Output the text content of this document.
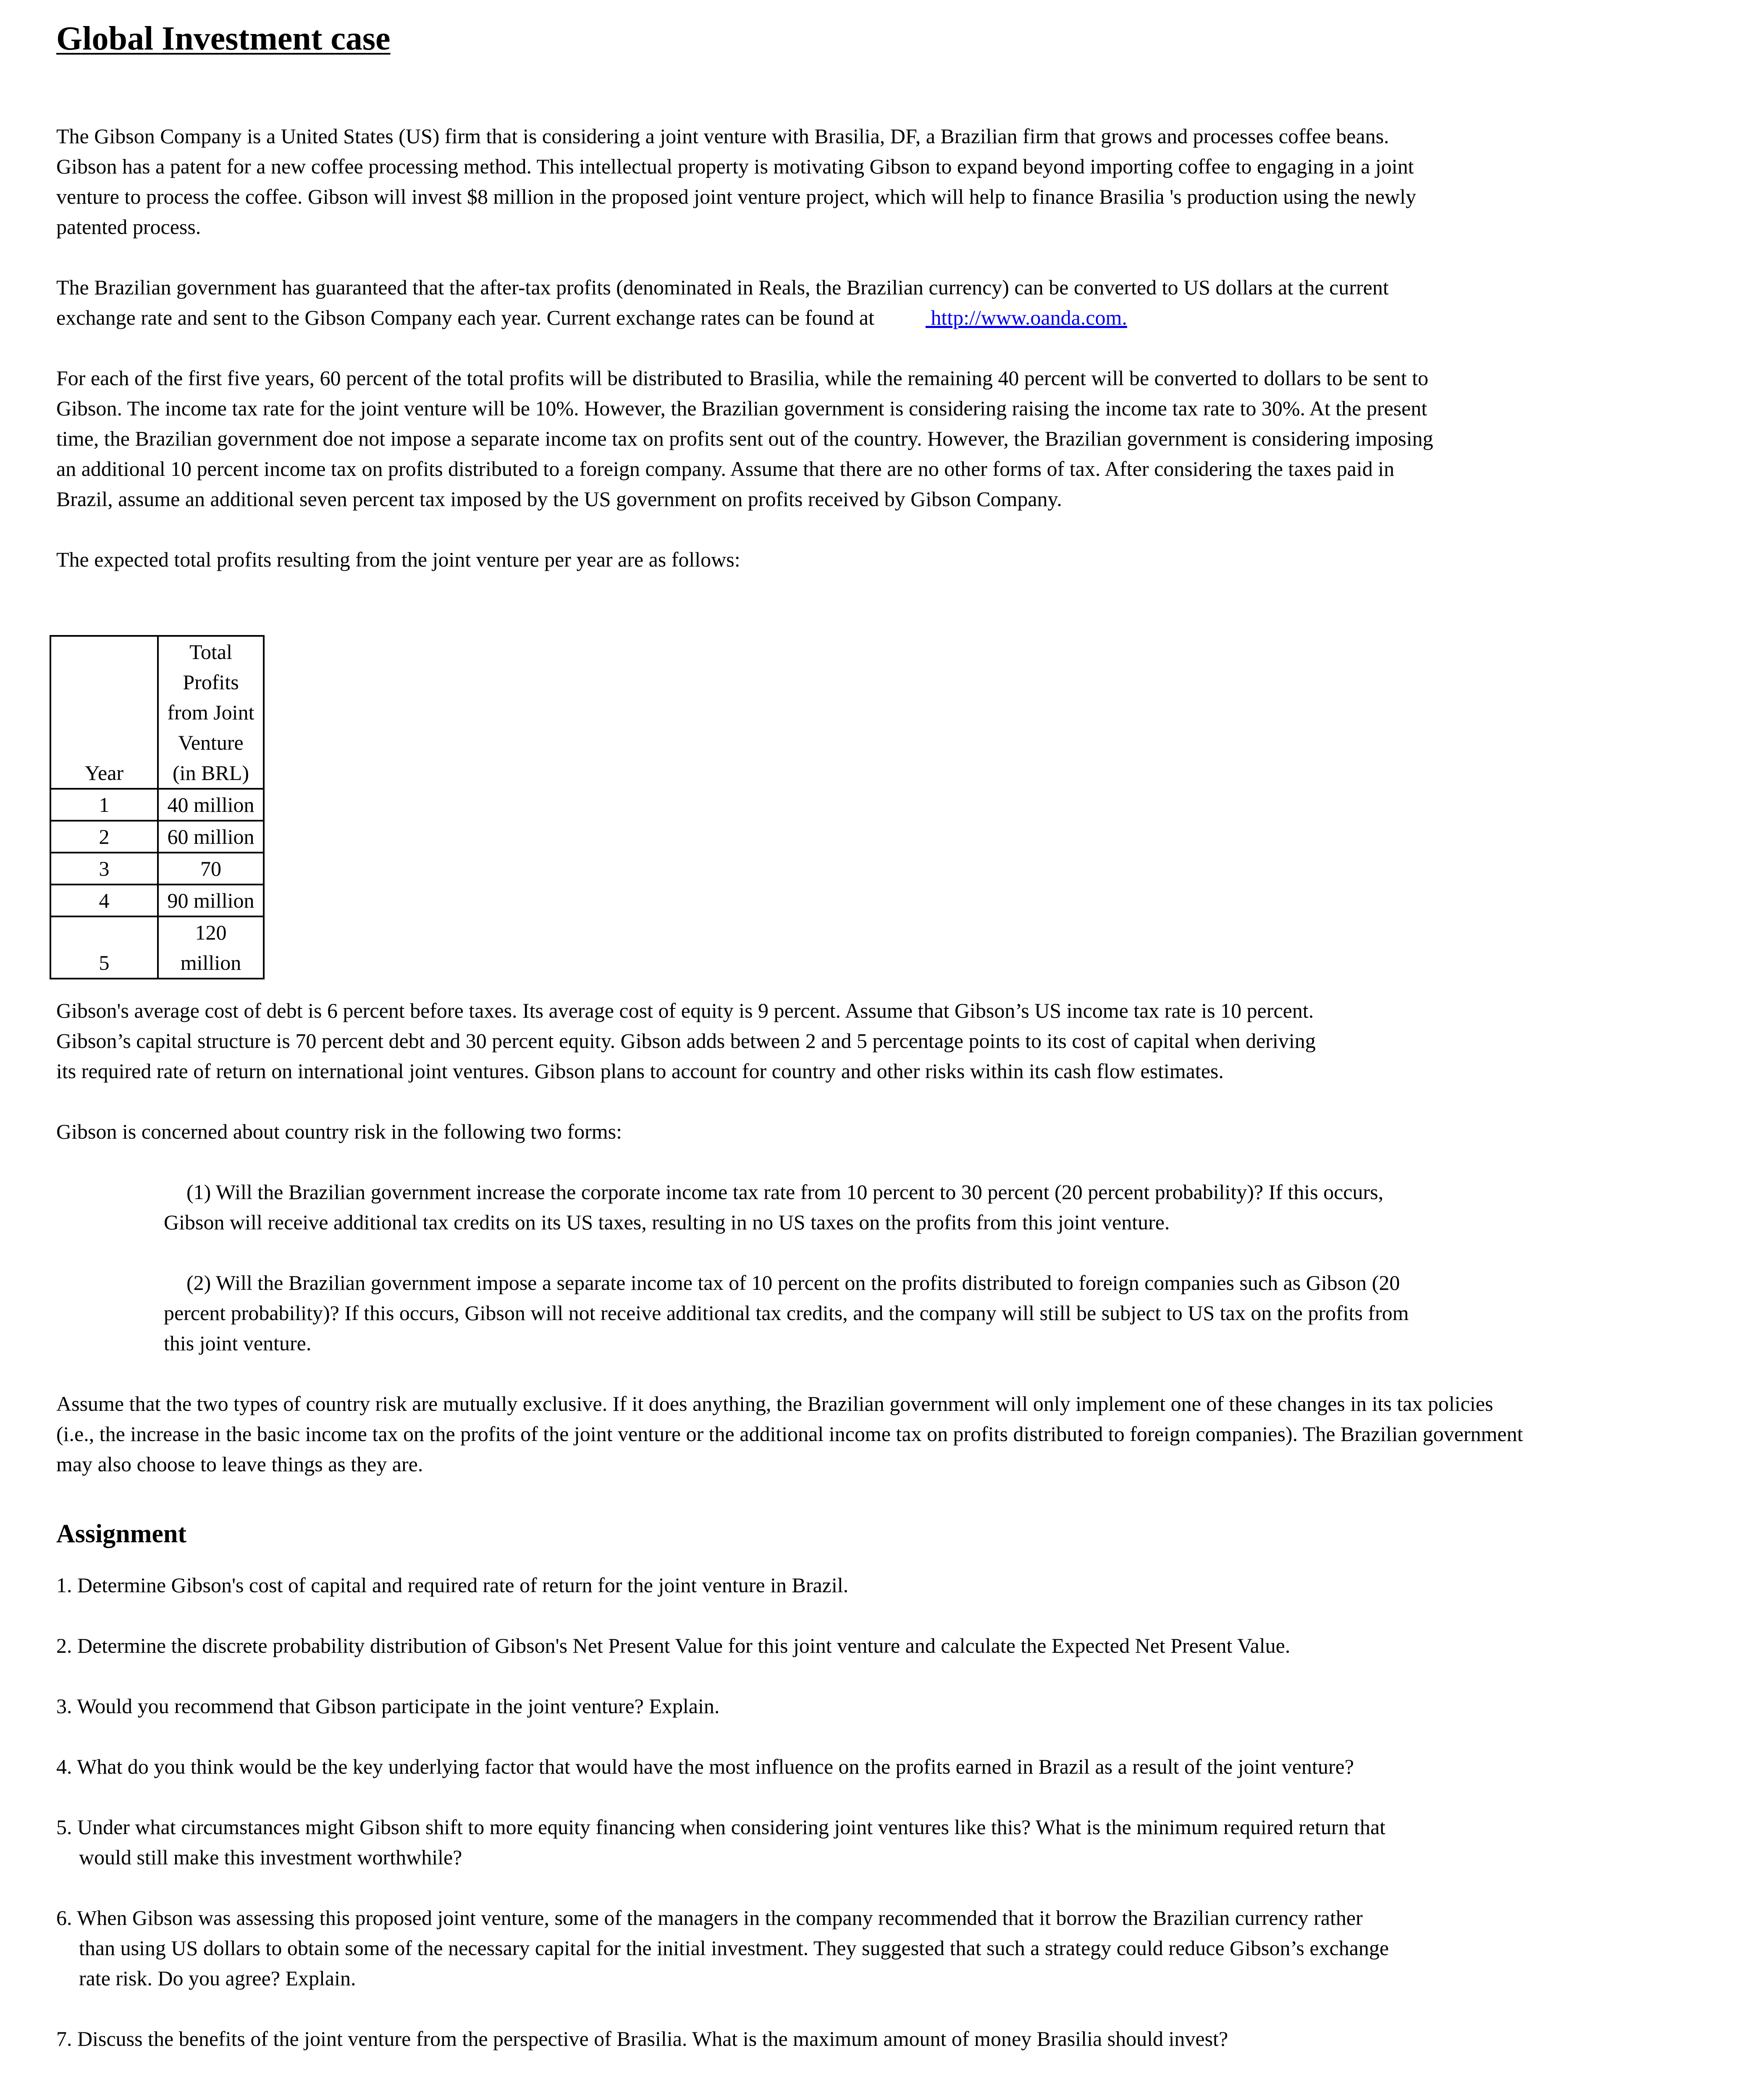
Global Investment case
The Gibson Company is a United States (US) firm that is considering a joint venture with Brasilia, DF, a Brazilian firm that grows and processes coffee beans.
Gibson has a patent for a new coffee processing method. This intellectual property is motivating Gibson to expand beyond importing coffee to engaging in a joint
venture to process the coffee. Gibson will invest $8 million in the proposed joint venture project, which will help to finance Brasilia 's production using the newly
patented process.
The Brazilian government has guaranteed that the after-tax profits (denominated in Reals, the Brazilian currency) can be converted to US dollars at the current
exchange rate and sent to the Gibson Company each year. Current exchange rates can be found at http://www.oanda.com.
For each of the first five years, 60 percent of the total profits will be distributed to Brasilia, while the remaining 40 percent will be converted to dollars to be sent to
Gibson. The income tax rate for the joint venture will be 10%. However, the Brazilian government is considering raising the income tax rate to 30%. At the present
time, the Brazilian government doe not impose a separate income tax on profits sent out of the country. However, the Brazilian government is considering imposing
an additional 10 percent income tax on profits distributed to a foreign company. Assume that there are no other forms of tax. After considering the taxes paid in
Brazil, assume an additional seven percent tax imposed by the US government on profits received by Gibson Company.

The expected total profits resulting from the joint venture per year are as follows:

Year	Total
Profits
from Joint
Venture
(in BRL)

1	40 million

2	60 million

3	70

4	90 million

5	120
million
Gibson's average cost of debt is 6 percent before taxes. Its average cost of equity is 9 percent. Assume that Gibson’s US income tax rate is 10 percent.
Gibson’s capital structure is 70 percent debt and 30 percent equity. Gibson adds between 2 and 5 percentage points to its cost of capital when deriving
its required rate of return on international joint ventures. Gibson plans to account for country and other risks within its cash flow estimates.

Gibson is concerned about country risk in the following two forms:

(1) Will the Brazilian government increase the corporate income tax rate from 10 percent to 30 percent (20 percent probability)? If this occurs,
Gibson will receive additional tax credits on its US taxes, resulting in no US taxes on the profits from this joint venture.
(2) Will the Brazilian government impose a separate income tax of 10 percent on the profits distributed to foreign companies such as Gibson (20
percent probability)? If this occurs, Gibson will not receive additional tax credits, and the company will still be subject to US tax on the profits from
this joint venture.
Assume that the two types of country risk are mutually exclusive. If it does anything, the Brazilian government will only implement one of these changes in its tax policies
(i.e., the increase in the basic income tax on the profits of the joint venture or the additional income tax on profits distributed to foreign companies). The Brazilian government
may also choose to leave things as they are.
Assignment
1. Determine Gibson's cost of capital and required rate of return for the joint venture in Brazil.
2. Determine the discrete probability distribution of Gibson's Net Present Value for this joint venture and calculate the Expected Net Present Value.
3. Would you recommend that Gibson participate in the joint venture? Explain.
4. What do you think would be the key underlying factor that would have the most influence on the profits earned in Brazil as a result of the joint venture?
5. Under what circumstances might Gibson shift to more equity financing when considering joint ventures like this? What is the minimum required return that
would still make this investment worthwhile?
6. When Gibson was assessing this proposed joint venture, some of the managers in the company recommended that it borrow the Brazilian currency rather
than using US dollars to obtain some of the necessary capital for the initial investment. They suggested that such a strategy could reduce Gibson’s exchange
rate risk. Do you agree? Explain.
7. Discuss the benefits of the joint venture from the perspective of Brasilia. What is the maximum amount of money Brasilia should invest?
